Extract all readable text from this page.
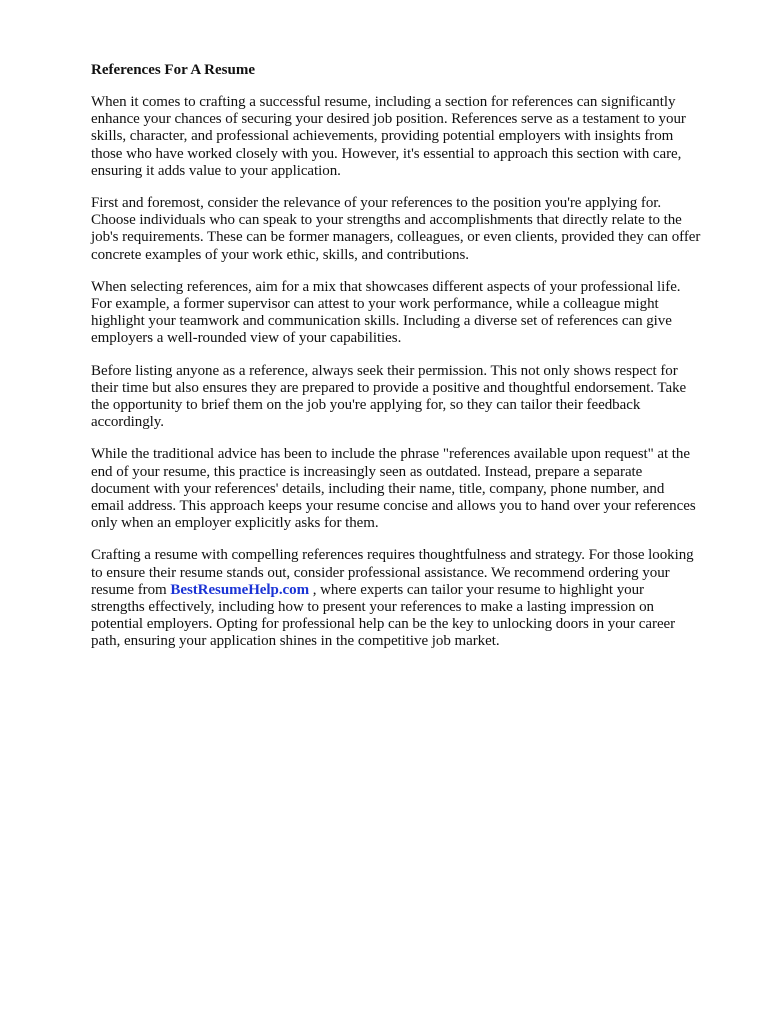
References For A Resume
When it comes to crafting a successful resume, including a section for references can significantly
enhance your chances of securing your desired job position. References serve as a testament to your
skills, character, and professional achievements, providing potential employers with insights from
those who have worked closely with you. However, it's essential to approach this section with care,
ensuring it adds value to your application.
First and foremost, consider the relevance of your references to the position you're applying for.
Choose individuals who can speak to your strengths and accomplishments that directly relate to the
job's requirements. These can be former managers, colleagues, or even clients, provided they can offer
concrete examples of your work ethic, skills, and contributions.
When selecting references, aim for a mix that showcases different aspects of your professional life.
For example, a former supervisor can attest to your work performance, while a colleague might
highlight your teamwork and communication skills. Including a diverse set of references can give
employers a well-rounded view of your capabilities.
Before listing anyone as a reference, always seek their permission. This not only shows respect for
their time but also ensures they are prepared to provide a positive and thoughtful endorsement. Take
the opportunity to brief them on the job you're applying for, so they can tailor their feedback
accordingly.
While the traditional advice has been to include the phrase "references available upon request" at the
end of your resume, this practice is increasingly seen as outdated. Instead, prepare a separate
document with your references' details, including their name, title, company, phone number, and
email address. This approach keeps your resume concise and allows you to hand over your references
only when an employer explicitly asks for them.
Crafting a resume with compelling references requires thoughtfulness and strategy. For those looking
to ensure their resume stands out, consider professional assistance. We recommend ordering your
resume from BestResumeHelp.com , where experts can tailor your resume to highlight your
strengths effectively, including how to present your references to make a lasting impression on
potential employers. Opting for professional help can be the key to unlocking doors in your career
path, ensuring your application shines in the competitive job market.
